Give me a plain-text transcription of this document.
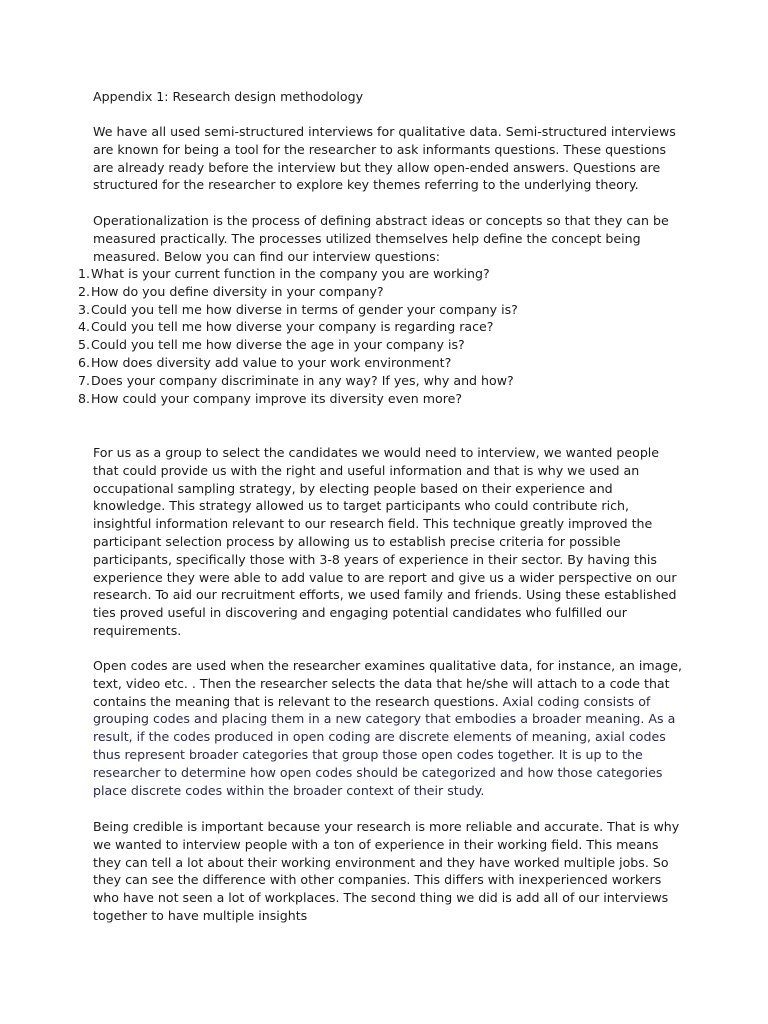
Appendix 1: Research design methodology

We have all used semi-structured interviews for qualitative data. Semi-structured interviews are known for being a tool for the researcher to ask informants questions. These questions are already ready before the interview but they allow open-ended answers. Questions are structured for the researcher to explore key themes referring to the underlying theory.

Operationalization is the process of defining abstract ideas or concepts so that they can be measured practically. The processes utilized themselves help define the concept being measured. Below you can find our interview questions:

1. What is your current function in the company you are working?
2. How do you define diversity in your company?
3. Could you tell me how diverse in terms of gender your company is?
4. Could you tell me how diverse your company is regarding race?
5. Could you tell me how diverse the age in your company is?
6. How does diversity add value to your work environment?
7. Does your company discriminate in any way? If yes, why and how?
8. How could your company improve its diversity even more?

For us as a group to select the candidates we would need to interview, we wanted people that could provide us with the right and useful information and that is why we used an occupational sampling strategy, by electing people based on their experience and knowledge. This strategy allowed us to target participants who could contribute rich, insightful information relevant to our research field. This technique greatly improved the participant selection process by allowing us to establish precise criteria for possible participants, specifically those with 3-8 years of experience in their sector. By having this experience they were able to add value to are report and give us a wider perspective on our research. To aid our recruitment efforts, we used family and friends. Using these established ties proved useful in discovering and engaging potential candidates who fulfilled our requirements.

Open codes are used when the researcher examines qualitative data, for instance, an image, text, video etc. . Then the researcher selects the data that he/she will attach to a code that contains the meaning that is relevant to the research questions. Axial coding consists of grouping codes and placing them in a new category that embodies a broader meaning. As a result, if the codes produced in open coding are discrete elements of meaning, axial codes thus represent broader categories that group those open codes together. It is up to the researcher to determine how open codes should be categorized and how those categories place discrete codes within the broader context of their study.

Being credible is important because your research is more reliable and accurate. That is why we wanted to interview people with a ton of experience in their working field. This means they can tell a lot about their working environment and they have worked multiple jobs. So they can see the difference with other companies. This differs with inexperienced workers who have not seen a lot of workplaces. The second thing we did is add all of our interviews together to have multiple insights
